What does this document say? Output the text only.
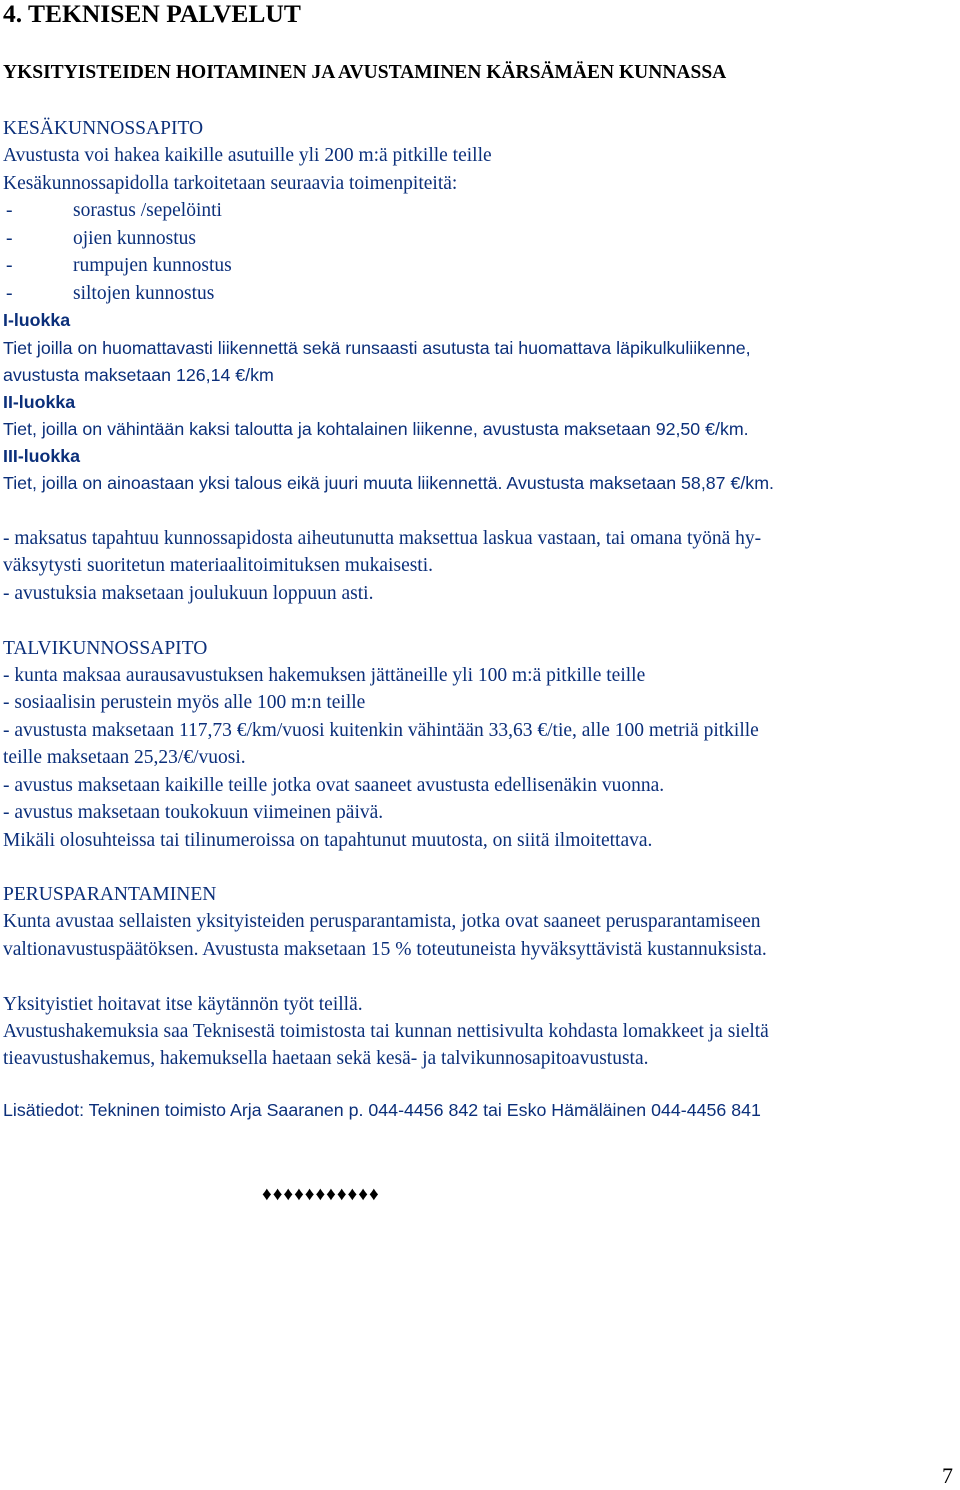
4. TEKNISEN PALVELUT
YKSITYISTEIDEN HOITAMINEN JA AVUSTAMINEN KÄRSÄMÄEN KUNNASSA
KESÄKUNNOSSAPITO
Avustusta voi hakea kaikille asutuille yli 200 m:ä pitkille teille
Kesäkunnossapidolla tarkoitetaan seuraavia toimenpiteitä:
-	sorastus /sepelöinti
-	ojien kunnostus
-	rumpujen kunnostus
-	siltojen kunnostus
I-luokka
Tiet joilla on huomattavasti liikennettä sekä runsaasti asutusta tai huomattava läpikulkuliikenne,
avustusta maksetaan 126,14 €/km
II-luokka
Tiet, joilla on vähintään kaksi taloutta ja kohtalainen liikenne, avustusta maksetaan 92,50 €/km.
III-luokka
Tiet, joilla on ainoastaan yksi talous eikä juuri muuta liikennettä. Avustusta maksetaan 58,87 €/km.
- maksatus tapahtuu kunnossapidosta aiheutunutta maksettua laskua vastaan, tai omana työnä hy-
väksytysti suoritetun materiaalitoimituksen mukaisesti.
- avustuksia maksetaan joulukuun loppuun asti.
TALVIKUNNOSSAPITO
- kunta maksaa aurausavustuksen hakemuksen jättäneille yli 100 m:ä pitkille teille
- sosiaalisin perustein myös alle 100 m:n teille
- avustusta maksetaan 117,73 €/km/vuosi kuitenkin vähintään 33,63 €/tie, alle 100 metriä pitkille
teille maksetaan 25,23/€/vuosi.
- avustus maksetaan kaikille teille jotka ovat saaneet avustusta edellisenäkin vuonna.
- avustus maksetaan toukokuun viimeinen päivä.
Mikäli olosuhteissa tai tilinumeroissa on tapahtunut muutosta, on siitä ilmoitettava.
PERUSPARANTAMINEN
Kunta avustaa sellaisten yksityisteiden perusparantamista, jotka ovat saaneet perusparantamiseen
valtionavustuspäätöksen. Avustusta maksetaan 15 % toteutuneista hyväksyttävistä kustannuksista.
Yksityistiet hoitavat itse käytännön työt teillä.
Avustushakemuksia saa Teknisestä toimistosta tai kunnan nettisivulta kohdasta lomakkeet ja sieltä
tieavustushakemus, hakemuksella haetaan sekä kesä- ja talvikunnosapitoavustusta.
Lisätiedot: Tekninen toimisto Arja Saaranen p. 044-4456 842 tai Esko Hämäläinen 044-4456 841
♦♦♦♦♦♦♦♦♦♦♦
7
